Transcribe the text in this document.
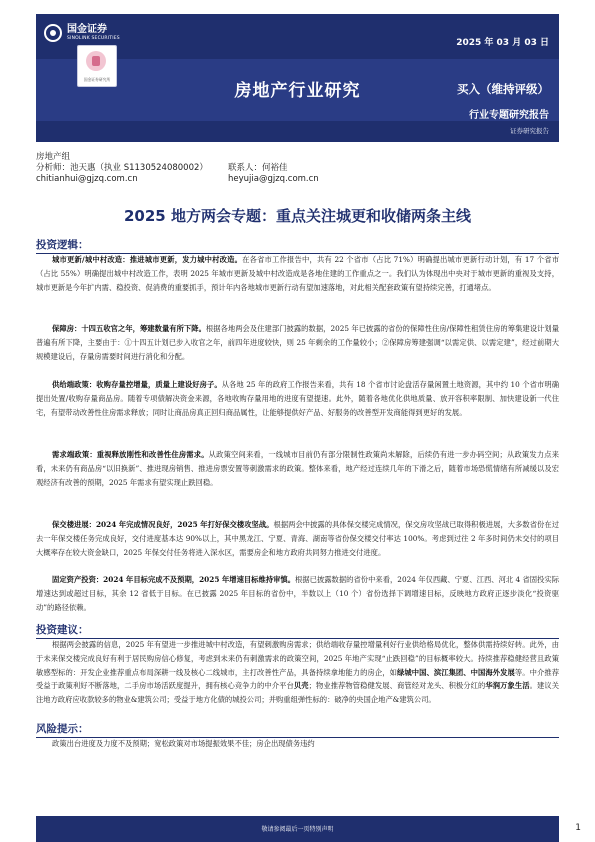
国金证券
SINOLINK SECURITIES	2025 年 03 月 03 日
国金证券研究所
房地产行业研究	买入（维持评级）
行业专题研究报告
证券研究报告
房地产组
分析师：池天惠（执业 S1130524080002）	联系人：何裕佳
chitianhui@gjzq.com.cn	heyujia@gjzq.com.cn
2025 地方两会专题：重点关注城更和收储两条主线
投资逻辑：

城市更新/城中村改造：推进城市更新，发力城中村改造。在各省市工作报告中，共有 22 个省市（占比 71%）明确提出城市更新行动计划，有 17 个省市（占比 55%）明确提出城中村改造工作，表明 2025 年城市更新及城中村改造成是各地住建的工作重点之一。我们认为体现出中央对于城市更新的重视及支持，城市更新是今年扩内需、稳投资、促消费的重要抓手，预计年内各地城市更新行动有望加速落地，对此相关配套政策有望持续完善，打通堵点。

保障房：十四五收官之年，筹建数量有所下降。根据各地两会及住建部门披露的数据，2025 年已披露的省份的保障性住房/保障性租赁住房的筹集建设计划量普遍有所下降，主要由于：①十四五计划已步入收官之年，前四年进度较快，则 25 年剩余的工作量较小；②保障房筹建强调“以需定供、以需定建”，经过前期大规模建设后，存量房需要时间进行消化和分配。

供给端政策：收购存量控增量，质量上建设好房子。从各地 25 年的政府工作报告来看，共有 18 个省市讨论盘活存量闲置土地资源，其中约 10 个省市明确提出处置/收购存量商品房。随着专项债解决资金来源，各地收购存量用地的进度有望提速。此外，随着各地优化供地质量、放开容积率限制、加快建设新一代住宅，有望带动改善性住房需求释放；同时让商品房真正回归商品属性，让能够提供好产品、好服务的改善型开发商能得到更好的发展。

需求端政策：重视释放刚性和改善性住房需求。从政策空间来看，一线城市目前仍有部分限制性政策尚未解除，后续仍有进一步办码空间；从政策发力点来看，未来仍有商品房“以旧换新”、推进现房销售、推进房票安置等刺激需求的政策。整体来看，地产经过连续几年的下滑之后，随着市场恐慌情绪有所减缓以及宏观经济有改善的预期，2025 年需求有望实现止跌回稳。

保交楼进展：2024 年完成情况良好，2025 年打好保交楼攻坚战。根据两会中披露的具体保交楼完成情况，保交房攻坚战已取得积极进展，大多数省份在过去一年保交楼任务完成良好，交付进度基本达 90%以上，其中黑龙江、宁夏、青海、湖南等省份保交楼交付率达 100%。考虑到过往 2 年多时间仍未交付的项目大概率存在较大资金缺口，2025 年保交付任务将进入深水区，需要房企和地方政府共同努力推进交付进度。

固定资产投资：2024 年目标完成不及预期，2025 年增速目标维持审慎。根据已披露数据的省份中来看，2024 年仅西藏、宁夏、江西、河北 4 省固投实际增速达到或超过目标，其余 12 省低于目标。在已披露 2025 年目标的省份中，半数以上（10 个）省份选择下调增速目标，反映地方政府正逐步淡化“投资驱动”的路径依赖。

投资建议：

根据两会披露的信息，2025 年有望进一步推进城中村改造，有望刺激购房需求；供给端收存量控增量利好行业供给格局优化，整体供需持续好转。此外，由于未来保交楼完成良好有利于居民购房信心修复，考虑到未来仍有刺激需求的政策空间，2025 年地产实现“止跌回稳”的目标概率较大。持续推荐稳健经营且政策敏感型标的：开发企业推荐重点布局深耕一线及核心二线城市，主打改善性产品，具备持续拿地能力的房企，如绿城中国、滨江集团、中国海外发展等。中介推荐受益于政策利好不断落地，二手房市场活跃度提升，拥有核心竞争力的中介平台贝壳；物业推荐物管稳健发展、商管经对龙头、积极分红的华润万象生活。建议关注地方政府应收款较多的物业&建筑公司；受益于地方化债的城投公司；并购重组弹性标的：破净的央国企地产&建筑公司。

风险提示：

政策出台进度及力度不及预期；宽松政策对市场提振效果不佳；房企出现债务违约

敬请参阅最后一页特别声明	1
